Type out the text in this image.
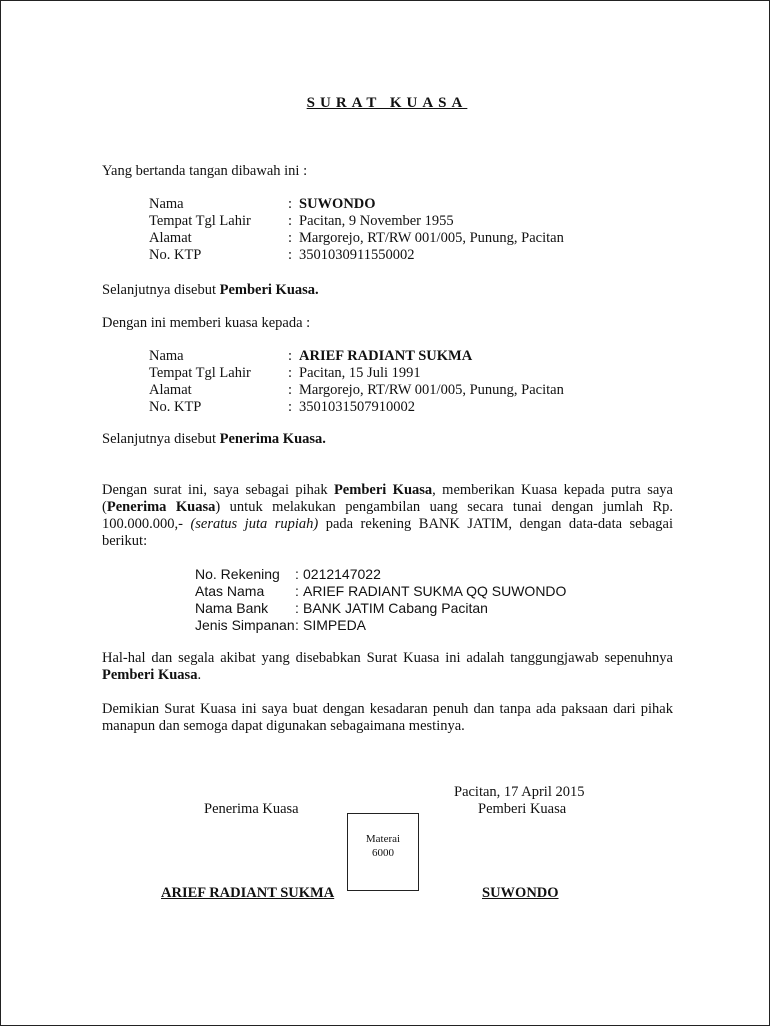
SURAT KUASA
Yang bertanda tangan dibawah ini :
Nama	: SUWONDO
Tempat Tgl Lahir	: Pacitan, 9 November 1955
Alamat	: Margorejo, RT/RW 001/005, Punung, Pacitan
No. KTP	: 3501030911550002
Selanjutnya disebut Pemberi Kuasa.
Dengan ini memberi kuasa kepada :
Nama	: ARIEF RADIANT SUKMA
Tempat Tgl Lahir	: Pacitan, 15 Juli 1991
Alamat	: Margorejo, RT/RW 001/005, Punung, Pacitan
No. KTP	: 3501031507910002
Selanjutnya disebut Penerima Kuasa.
Dengan surat ini, saya sebagai pihak Pemberi Kuasa, memberikan Kuasa kepada putra saya (Penerima Kuasa) untuk melakukan pengambilan uang secara tunai dengan jumlah Rp. 100.000.000,- (seratus juta rupiah) pada rekening BANK JATIM, dengan data-data sebagai berikut:
No. Rekening : 0212147022
Atas Nama : ARIEF RADIANT SUKMA QQ SUWONDO
Nama Bank : BANK JATIM Cabang Pacitan
Jenis Simpanan : SIMPEDA
Hal-hal dan segala akibat yang disebabkan Surat Kuasa ini adalah tanggungjawab sepenuhnya Pemberi Kuasa.
Demikian Surat Kuasa ini saya buat dengan kesadaran penuh dan tanpa ada paksaan dari pihak manapun dan semoga dapat digunakan sebagaimana mestinya.
Pacitan, 17 April 2015
Penerima Kuasa	Pemberi Kuasa
Materai
6000
ARIEF RADIANT SUKMA	SUWONDO
